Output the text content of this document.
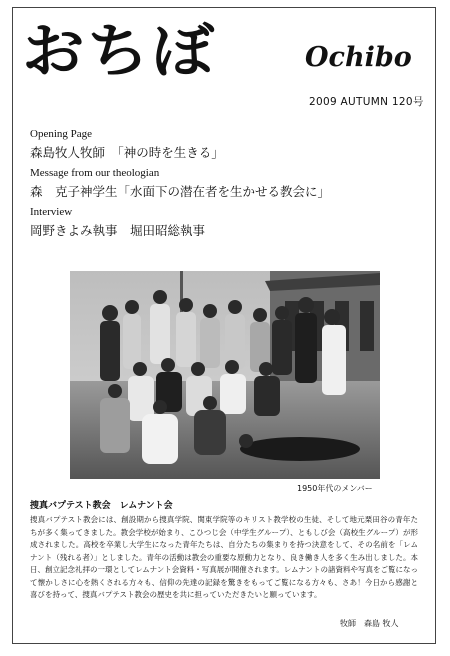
おちぼ	Ochibo
2009 AUTUMN 120号
Opening Page
森島牧人牧師　「神の時を生きる」
Message from our theologian
森　克子神学生「水面下の潜在者を生かせる教会に」
Interview
岡野きよみ執事　堀田昭総執事
1950年代のメンバー
捜真バプテスト教会　レムナント会
捜真バプテスト教会には、創設期から捜真学院、関東学院等のキリスト教学校の生徒、そして地元栗田谷の青年たちが多く集ってきました。教会学校が始まり、こひつじ会（中学生グループ）、ともしび会（高校生グループ）が形成されました。高校を卒業し大学生になった青年たちは、自分たちの集まりを持つ決意をして、その名前を「レムナント（残れる者）」としました。青年の活動は教会の重要な原動力となり、良き働き人を多く生み出しました。本日、創立記念礼拝の一環としてレムナント会資料・写真展が開催されます。レムナントの諸資料や写真をご覧になって懐かしさに心を熱くされる方々も、信仰の先達の記録を驚きをもってご覧になる方々も、さあ！今日から感謝と喜びを持って、捜真バプテスト教会の歴史を共に担っていただきたいと願っています。
牧師　森島 牧人
